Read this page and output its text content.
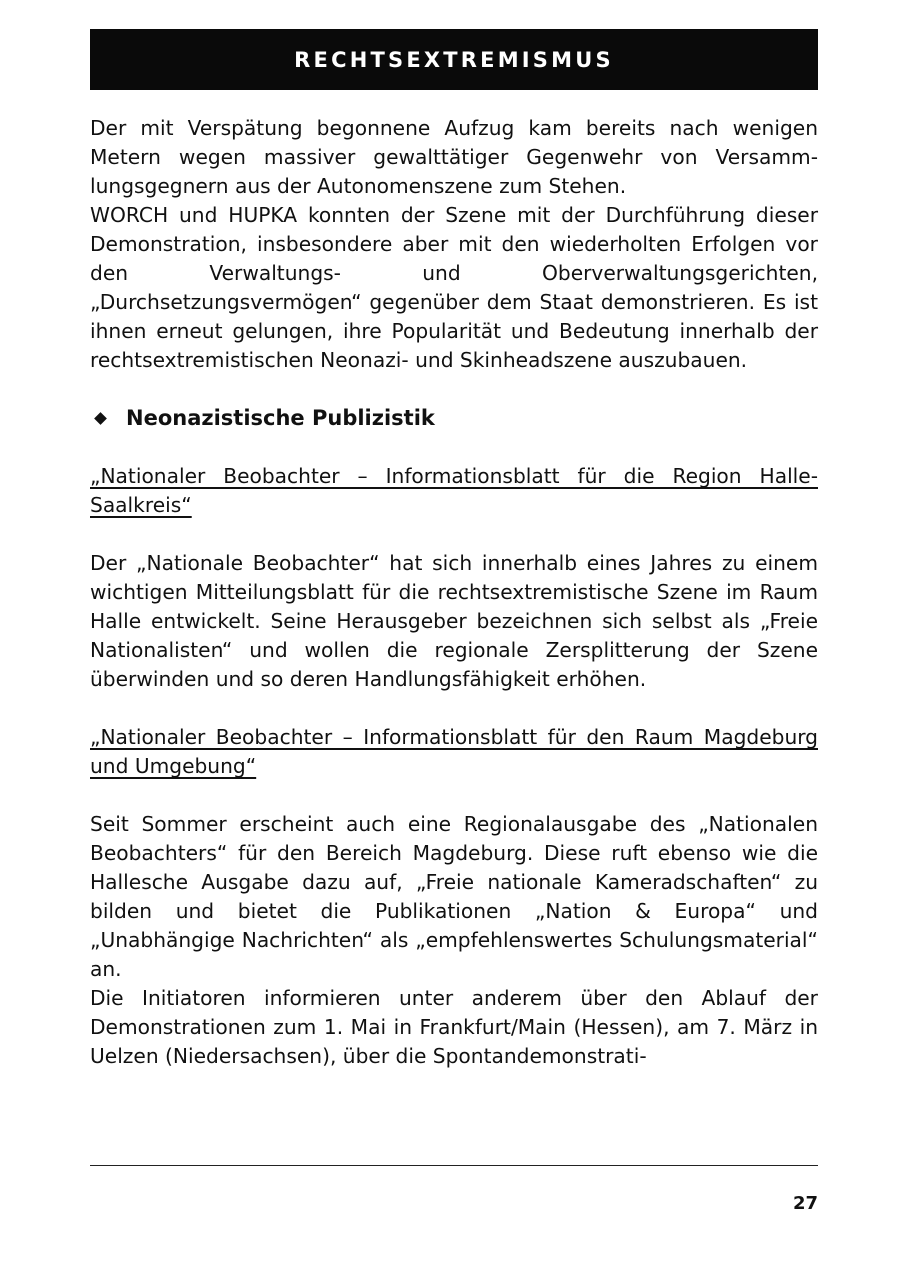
RECHTSEXTREMISMUS

Der mit Verspätung begonnene Aufzug kam bereits nach wenigen Metern wegen massiver gewalttätiger Gegenwehr von Versammlungsgegnern aus der Autonomenszene zum Stehen.

WORCH und HUPKA konnten der Szene mit der Durchführung dieser Demonstration, insbesondere aber mit den wiederholten Erfolgen vor den Verwaltungs- und Oberverwaltungsgerichten, „Durchsetzungsvermögen“ gegenüber dem Staat demonstrieren. Es ist ihnen erneut gelungen, ihre Popularität und Bedeutung innerhalb der rechtsextremistischen Neonazi- und Skinheadszene auszubauen.

Neonazistische Publizistik

„Nationaler Beobachter – Informationsblatt für die Region Halle-Saalkreis“

Der „Nationale Beobachter“ hat sich innerhalb eines Jahres zu einem wichtigen Mitteilungsblatt für die rechtsextremistische Szene im Raum Halle entwickelt. Seine Herausgeber bezeichnen sich selbst als „Freie Nationalisten“ und wollen die regionale Zersplitterung der Szene überwinden und so deren Handlungsfähigkeit erhöhen.

„Nationaler Beobachter – Informationsblatt für den Raum Magdeburg und Umgebung“

Seit Sommer erscheint auch eine Regionalausgabe des „Nationalen Beobachters“ für den Bereich Magdeburg. Diese ruft ebenso wie die Hallesche Ausgabe dazu auf, „Freie nationale Kameradschaften“ zu bilden und bietet die Publikationen „Nation & Europa“ und „Unabhängige Nachrichten“ als „empfehlenswertes Schulungsmaterial“ an.

Die Initiatoren informieren unter anderem über den Ablauf der Demonstrationen zum 1. Mai in Frankfurt/Main (Hessen), am 7. März in Uelzen (Niedersachsen), über die Spontandemonstrati-

27
